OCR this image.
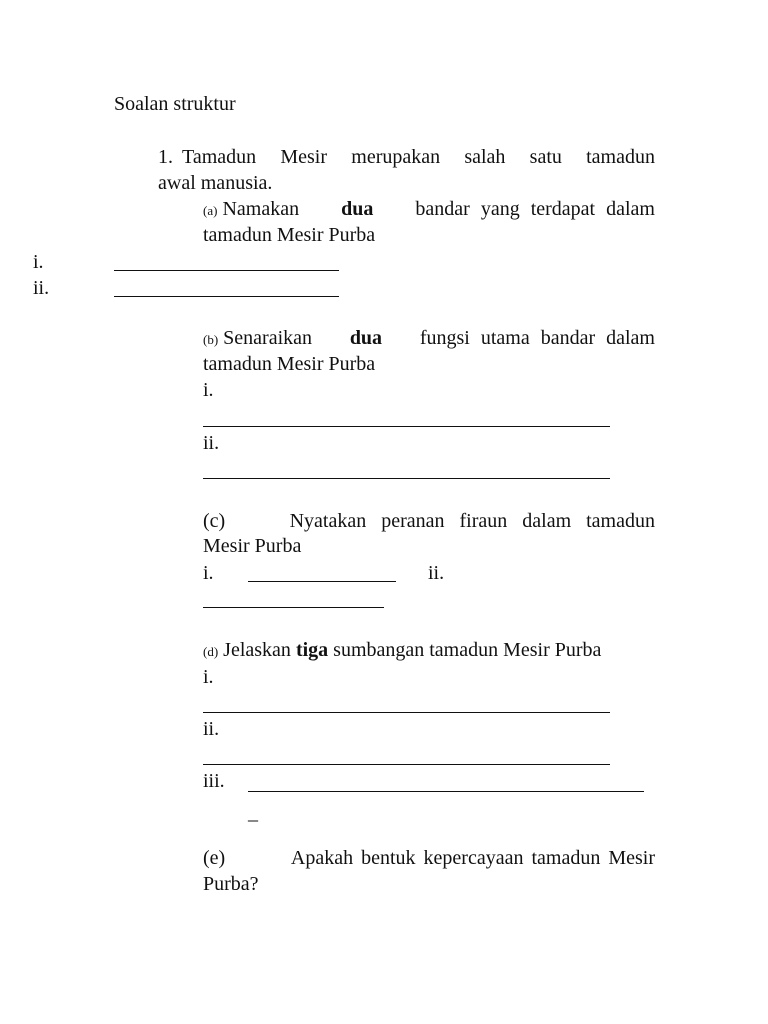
Soalan struktur
1. Tamadun Mesir merupakan salah satu tamadun
awal manusia.
(a) Namakan dua bandar yang terdapat dalam
tamadun Mesir Purba
i.
ii.
(b) Senaraikan dua fungsi utama bandar dalam
tamadun Mesir Purba
i.
ii.
(c)	Nyatakan peranan firaun dalam tamadun
Mesir Purba
i.	ii.
(d) Jelaskan tiga sumbangan tamadun Mesir Purba
i.
ii.
iii.
_
(e)	Apakah bentuk kepercayaan tamadun Mesir
Purba?
